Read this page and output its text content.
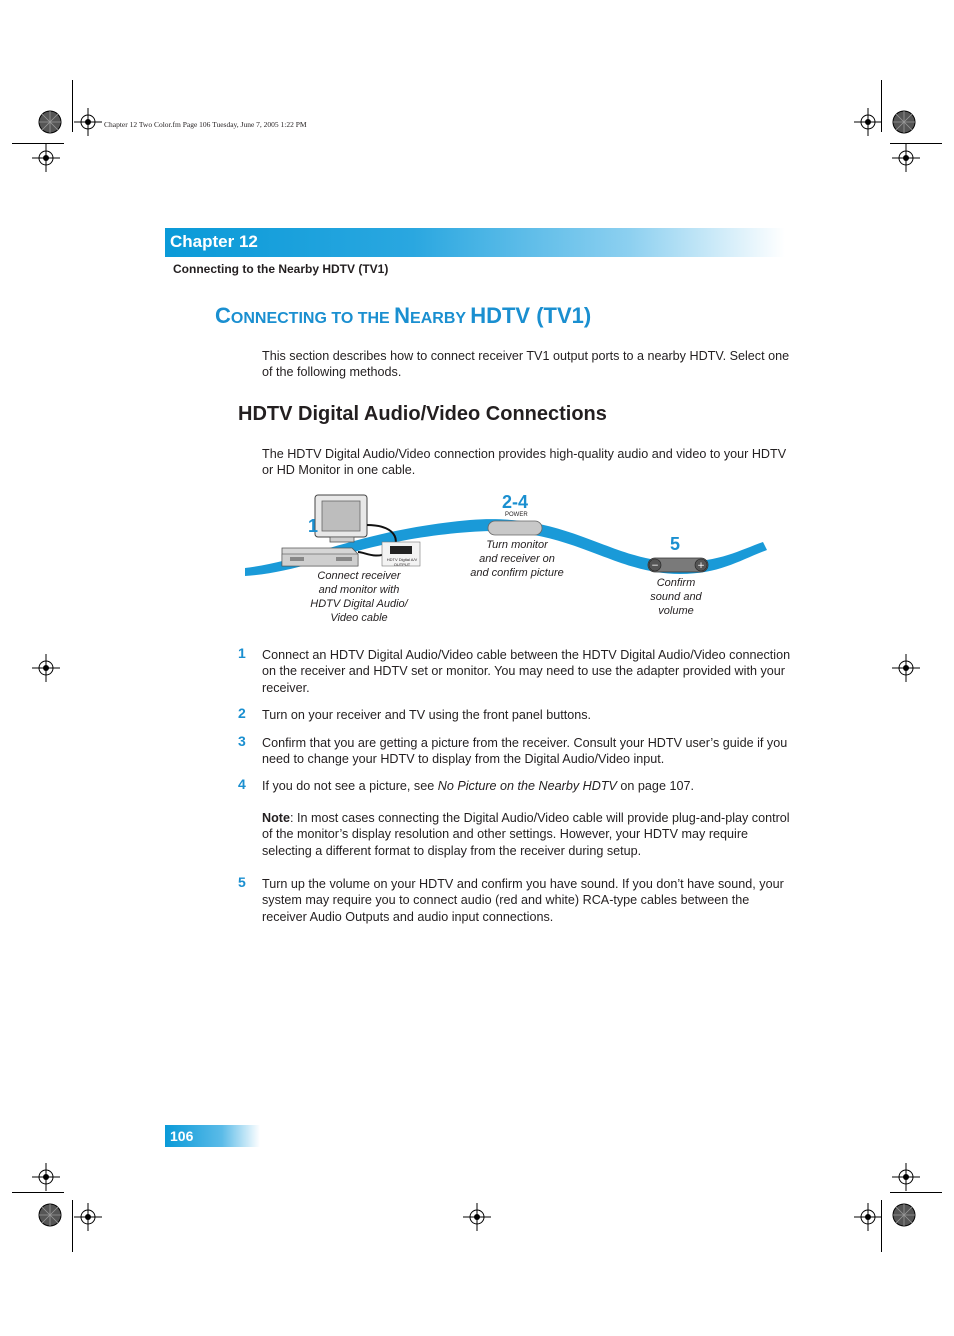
Chapter 12 Two Color.fm Page 106 Tuesday, June 7, 2005 1:22 PM
Chapter 12
Connecting to the Nearby HDTV (TV1)
CONNECTING TO THE NEARBY HDTV (TV1)
This section describes how to connect receiver TV1 output ports to a nearby HDTV. Select one of the following methods.
HDTV Digital Audio/Video Connections
The HDTV Digital Audio/Video connection provides high-quality audio and video to your HDTV or HD Monitor in one cable.
−	+
1
2-4
5
POWER
HDTV Digital A/V OUTPUT
Connect receiver
and monitor with
HDTV Digital Audio/
Video cable
Turn monitor
and receiver on
and confirm picture
Confirm
sound and
volume
1 Connect an HDTV Digital Audio/Video cable between the HDTV Digital Audio/Video connection on the receiver and HDTV set or monitor. You may need to use the adapter provided with your receiver.
2 Turn on your receiver and TV using the front panel buttons.
3 Confirm that you are getting a picture from the receiver. Consult your HDTV user’s guide if you need to change your HDTV to display from the Digital Audio/Video input.
4 If you do not see a picture, see No Picture on the Nearby HDTV on page 107.
Note: In most cases connecting the Digital Audio/Video cable will provide plug-and-play control of the monitor’s display resolution and other settings. However, your HDTV may require selecting a different format to display from the receiver during setup.
5 Turn up the volume on your HDTV and confirm you have sound. If you don’t have sound, your system may require you to connect audio (red and white) RCA-type cables between the receiver Audio Outputs and audio input connections.
106
